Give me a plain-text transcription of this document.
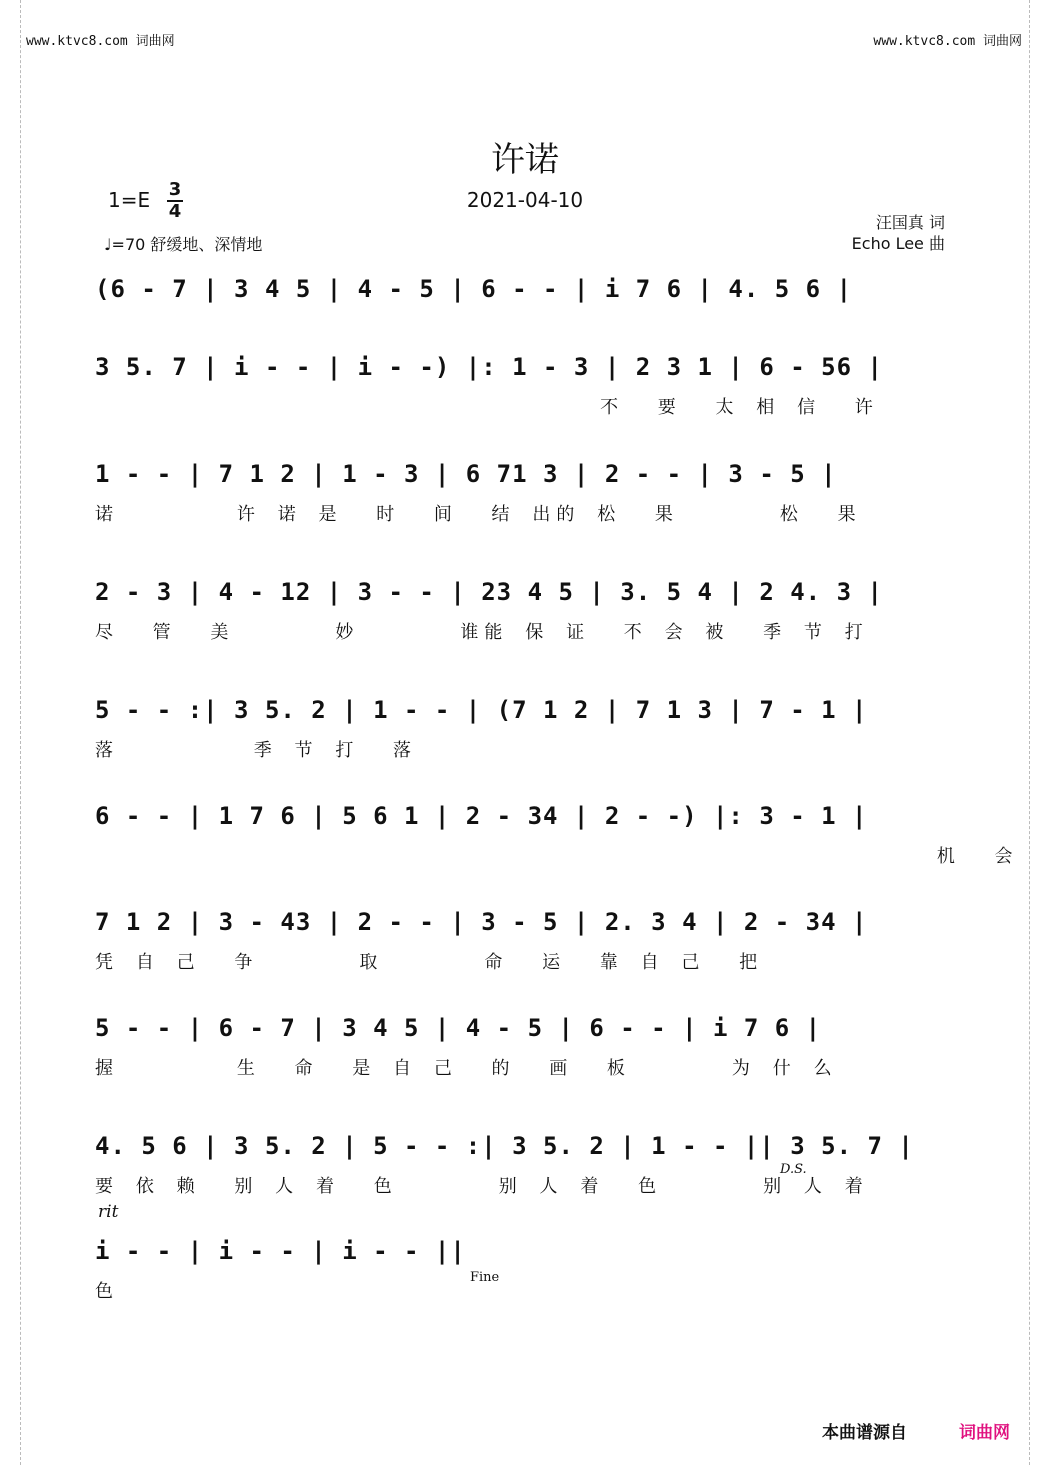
www.ktvc8.com 词曲网	www.ktvc8.com 词曲网
许诺
1=E 3
4	2021-04-10
♩=70 舒缓地、深情地
汪国真 词
Echo Lee 曲
(6 - 7 | 3 4 5 | 4 - 5 | 6 - - | i 7 6 | 4. 5 6 |
3 5. 7 | i - - | i - -) |: 1 - 3 | 2 3 1 | 6 - 56 |
不  要  太 相 信  许
1 - - | 7 1 2 | 1 - 3 | 6 71 3 | 2 - - | 3 - 5 |
诺       许 诺 是  时  间  结 出的 松  果      松  果
2 - 3 | 4 - 12 | 3 - - | 23 4 5 | 3. 5 4 | 2 4. 3 |
尽  管  美      妙      谁能 保 证  不 会 被  季 节 打
5 - - :| 3 5. 2 | 1 - - | (7 1 2 | 7 1 3 | 7 - 1 |
落        季 节 打  落
6 - - | 1 7 6 | 5 6 1 | 2 - 34 | 2 - -) |: 3 - 1 |
机  会
7 1 2 | 3 - 43 | 2 - - | 3 - 5 | 2. 3 4 | 2 - 34 |
凭 自 己  争      取      命  运  靠 自 己  把
5 - - | 6 - 7 | 3 4 5 | 4 - 5 | 6 - - | i 7 6 |
握       生  命  是 自 己  的  画  板      为 什 么
4. 5 6 | 3 5. 2 | 5 - - :| 3 5. 2 | 1 - - || 3 5. 7 |
要 依 赖  别 人 着  色      别 人 着  色      别 人 着
D.S.
rit
i - - | i - - | i - - ||
色
Fine
本曲谱源自	词曲网
